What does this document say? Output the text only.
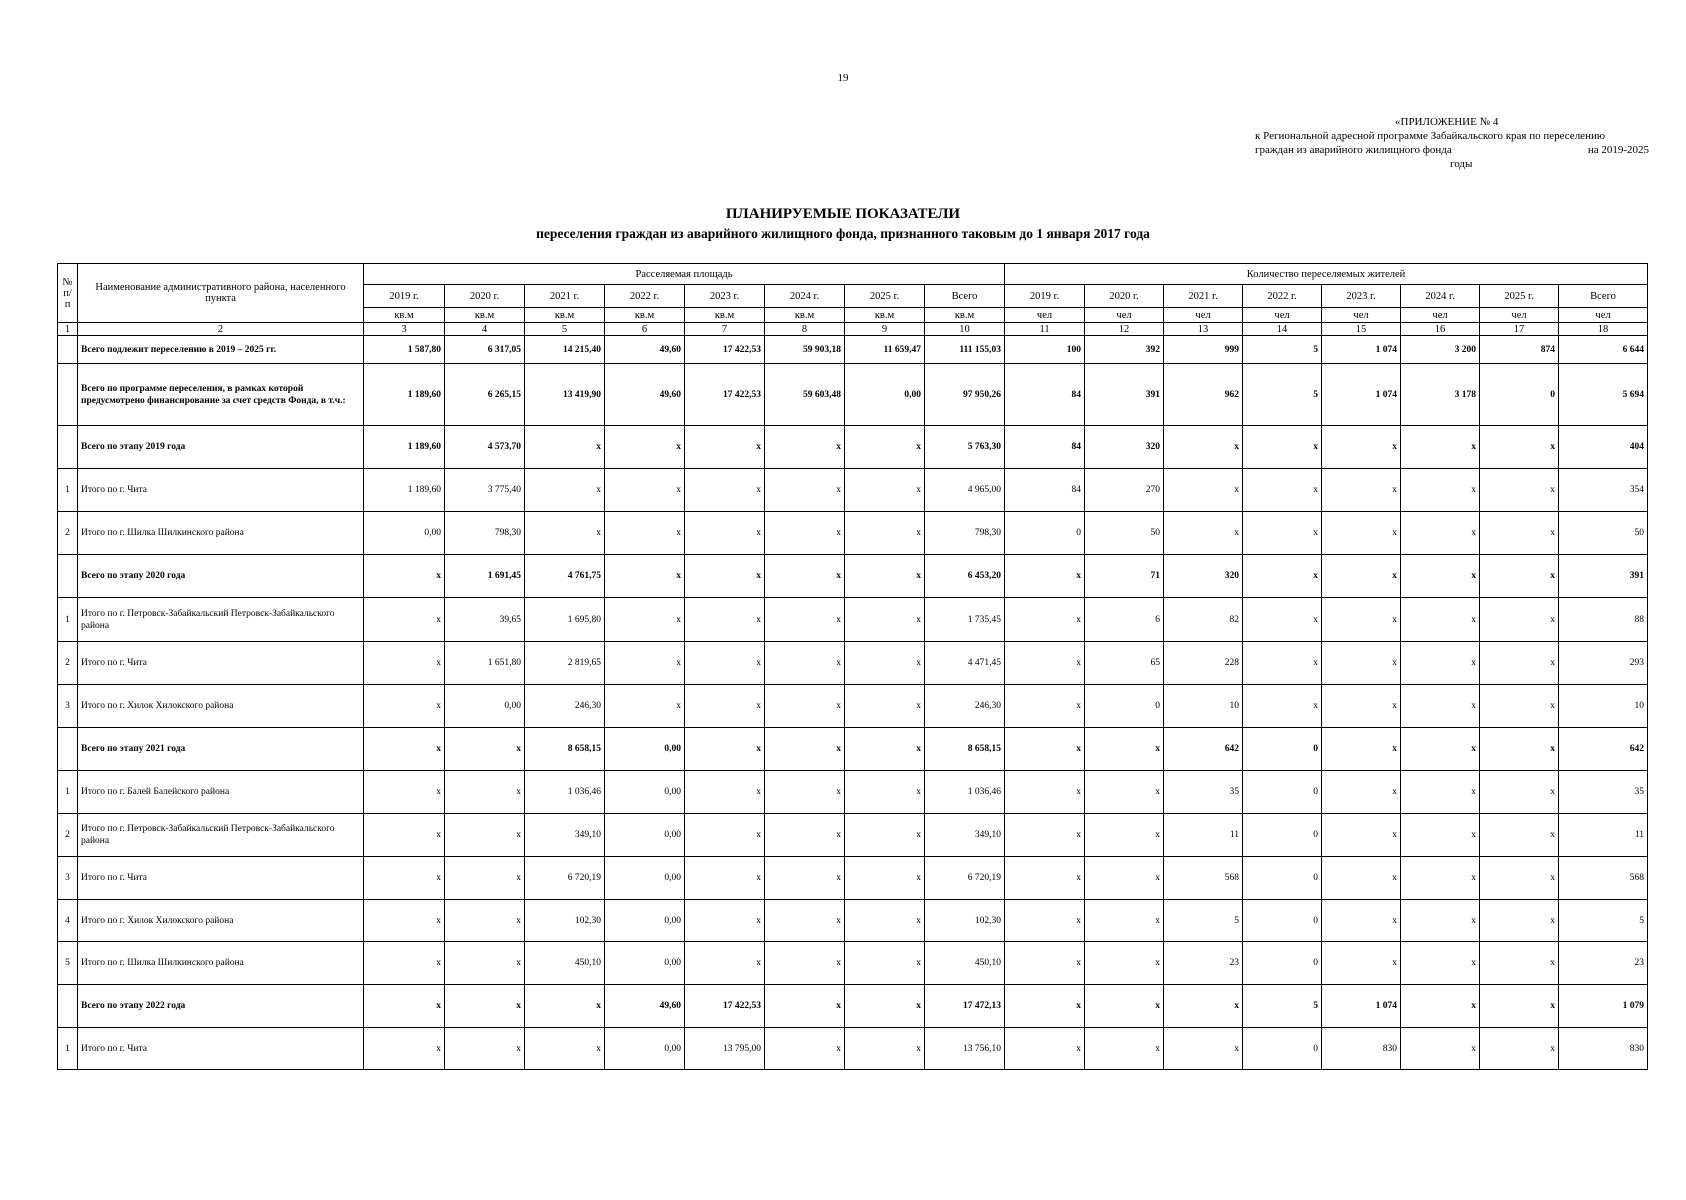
19
«ПРИЛОЖЕНИЕ № 4
к Региональной адресной программе Забайкальского края по переселению
граждан из аварийного жилищного фонда	на 2019-2025
годы
ПЛАНИРУЕМЫЕ ПОКАЗАТЕЛИ
переселения граждан из аварийного жилищного фонда, признанного таковым до 1 января 2017 года
№ п/п	Наименование административного района, населенного пункта	Расселяемая площадь								Количество переселяемых жителей							
		2019 г.	2020 г.	2021 г.	2022 г.	2023 г.	2024 г.	2025 г.	Всего	2019 г.	2020 г.	2021 г.	2022 г.	2023 г.	2024 г.	2025 г.	Всего
		кв.м	кв.м	кв.м	кв.м	кв.м	кв.м	кв.м	кв.м	чел	чел	чел	чел	чел	чел	чел	чел
1	2	3	4	5	6	7	8	9	10	11	12	13	14	15	16	17	18
	Всего подлежит переселению в 2019 – 2025 гг.	1 587,80	6 317,05	14 215,40	49,60	17 422,53	59 903,18	11 659,47	111 155,03	100	392	999	5	1 074	3 200	874	6 644
	Всего по программе переселения, в рамках которой предусмотрено финансирование за счет средств Фонда, в т.ч.:	1 189,60	6 265,15	13 419,90	49,60	17 422,53	59 603,48	0,00	97 950,26	84	391	962	5	1 074	3 178	0	5 694
	Всего по этапу 2019 года	1 189,60	4 573,70	x	x	x	x	x	5 763,30	84	320	x	x	x	x	x	404
1	Итого по г. Чита	1 189,60	3 775,40	x	x	x	x	x	4 965,00	84	270	x	x	x	x	x	354
2	Итого по г. Шилка Шилкинского района	0,00	798,30	x	x	x	x	x	798,30	0	50	x	x	x	x	x	50
	Всего по этапу 2020 года	x	1 691,45	4 761,75	x	x	x	x	6 453,20	x	71	320	x	x	x	x	391
1	Итого по г. Петровск-Забайкальский Петровск-Забайкальского района	x	39,65	1 695,80	x	x	x	x	1 735,45	x	6	82	x	x	x	x	88
2	Итого по г. Чита	x	1 651,80	2 819,65	x	x	x	x	4 471,45	x	65	228	x	x	x	x	293
3	Итого по г. Хилок Хилокского района	x	0,00	246,30	x	x	x	x	246,30	x	0	10	x	x	x	x	10
	Всего по этапу 2021 года	x	x	8 658,15	0,00	x	x	x	8 658,15	x	x	642	0	x	x	x	642
1	Итого по г. Балей Балейского района	x	x	1 036,46	0,00	x	x	x	1 036,46	x	x	35	0	x	x	x	35
2	Итого по г. Петровск-Забайкальский Петровск-Забайкальского района	x	x	349,10	0,00	x	x	x	349,10	x	x	11	0	x	x	x	11
3	Итого по г. Чита	x	x	6 720,19	0,00	x	x	x	6 720,19	x	x	568	0	x	x	x	568
4	Итого по г. Хилок Хилокского района	x	x	102,30	0,00	x	x	x	102,30	x	x	5	0	x	x	x	5
5	Итого по г. Шилка Шилкинского района	x	x	450,10	0,00	x	x	x	450,10	x	x	23	0	x	x	x	23
	Всего по этапу 2022 года	x	x	x	49,60	17 422,53	x	x	17 472,13	x	x	x	5	1 074	x	x	1 079
1	Итого по г. Чита	x	x	x	0,00	13 795,00	x	x	13 756,10	x	x	x	0	830	x	x	830
